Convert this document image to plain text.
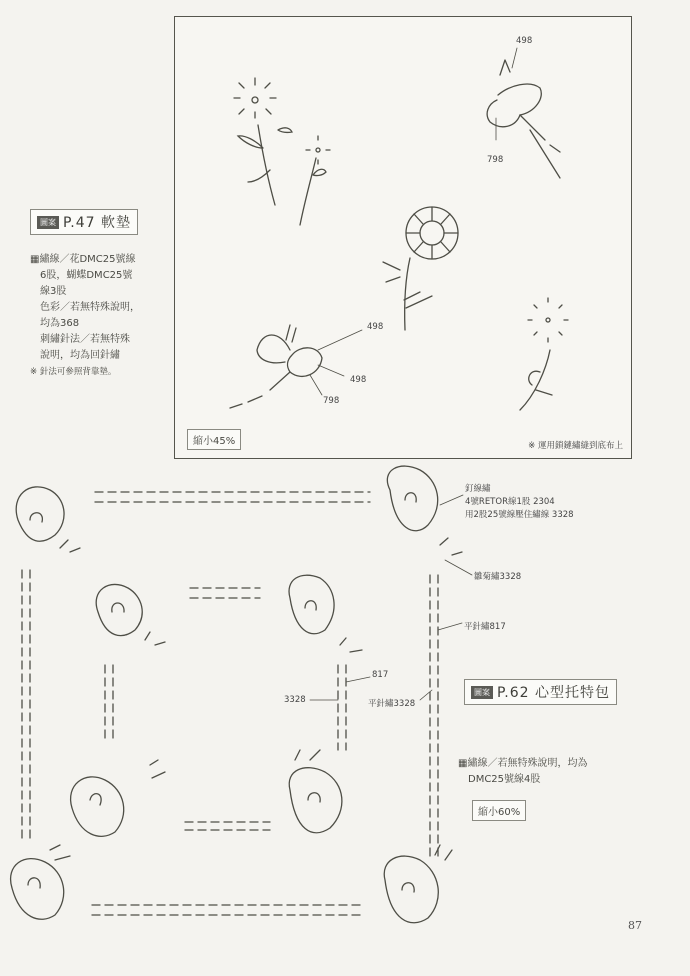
圖案 P.47 軟墊
▦繡線／花DMC25號線
6股，蝴蝶DMC25號
線3股
色彩／若無特殊說明，
均為368
刺繡針法／若無特殊
說明，均為回針繡
※ 針法可參照背靠墊。
縮小45%	※ 運用鎖鏈繡縫到底布上
498
798
498
498
798
圖案 P.62 心型托特包
▦繡線／若無特殊說明，均為
DMC25號線4股
縮小60%
釘線繡
4號RETOR線1股 2304
用2股25號線壓住繡線 3328
雛菊繡3328
平針繡817
817
3328	平針繡3328
87
